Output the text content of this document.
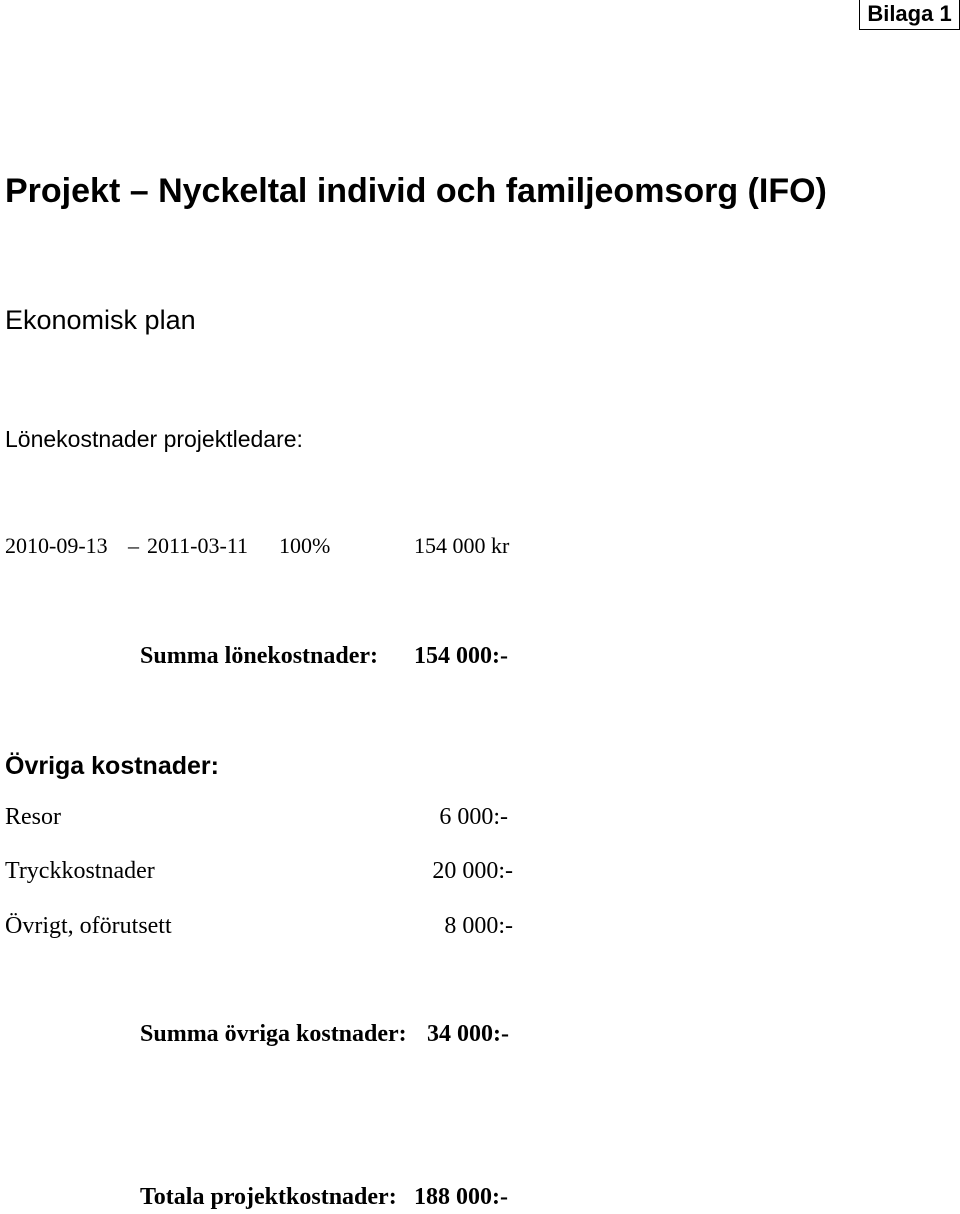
Bilaga 1
Projekt – Nyckeltal individ och familjeomsorg (IFO)
Ekonomisk plan
Lönekostnader projektledare:
2010-09-13 – 2011-03-11 100%	154 000 kr
Summa lönekostnader: 154 000:-
Övriga kostnader:
Resor	6 000:-
Tryckkostnader	20 000:-
Övrigt, oförutsett	8 000:-
Summa övriga kostnader: 34 000:-
Totala projektkostnader: 188 000:-
